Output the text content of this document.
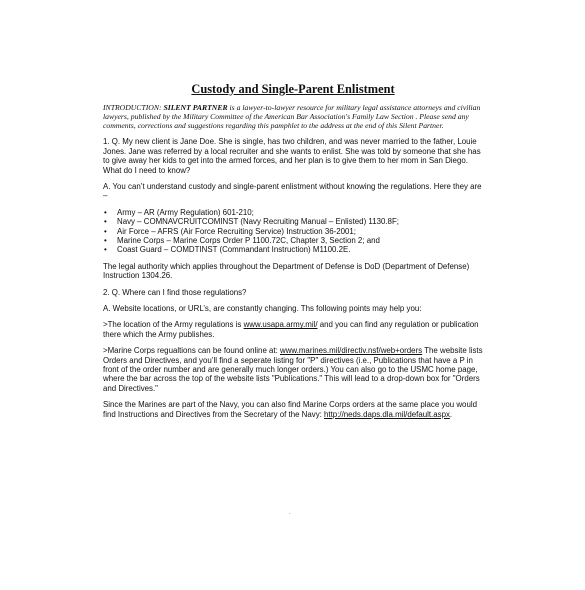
Custody and Single-Parent Enlistment

INTRODUCTION: SILENT PARTNER is a lawyer-to-lawyer resource for military legal assistance attorneys and civilian lawyers, published by the Military Committee of the American Bar Association's Family Law Section . Please send any comments, corrections and suggestions regarding this pamphlet to the address at the end of this Silent Partner.

1. Q. My new client is Jane Doe. She is single, has two children, and was never married to the father, Louie Jones. Jane was referred by a local recruiter and she wants to enlist. She was told by someone that she has to give away her kids to get into the armed forces, and her plan is to give them to her mom in San Diego. What do I need to know?

A. You can’t understand custody and single-parent enlistment without knowing the regulations. Here they are –

• Army – AR (Army Regulation) 601-210;
• Navy – COMNAVCRUITCOMINST (Navy Recruiting Manual – Enlisted) 1130.8F;
• Air Force – AFRS (Air Force Recruiting Service) Instruction 36-2001;
• Marine Corps – Marine Corps Order P 1100.72C, Chapter 3, Section 2; and
• Coast Guard – COMDTINST (Commandant Instruction) M1100.2E.

The legal authority which applies throughout the Department of Defense is DoD (Department of Defense) Instruction 1304.26.

2. Q. Where can I find those regulations?

A. Website locations, or URL’s, are constantly changing. Ths following points may help you:

>The location of the Army regulations is www.usapa.army.mil/ and you can find any regulation or publication there which the Army publishes.

>Marine Corps regualtions can be found online at: www.marines.mil/directiv.nsf/web+orders The website lists Orders and Directives, and you’ll find a seperate listing for "P" directives (i.e., Publications that have a P in front of the order number and are generally much longer orders.) You can also go to the USMC home page, where the bar across the top of the website lists "Publications." This will lead to a drop-down box for "Orders and Directives."

Since the Marines are part of the Navy, you can also find Marine Corps orders at the same place you would find Instructions and Directives from the Secretary of the Navy: http://neds.daps.dla.mil/default.aspx.

.
